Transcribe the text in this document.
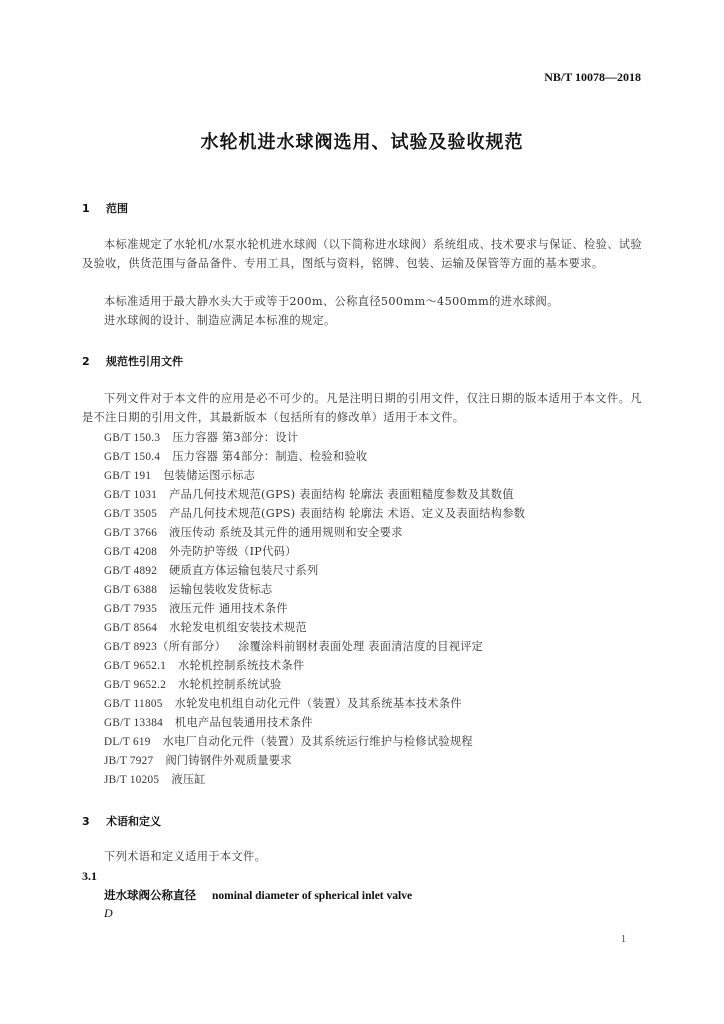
NB/T 10078—2018
水轮机进水球阀选用、试验及验收规范
1 范围

本标准规定了水轮机/水泵水轮机进水球阀（以下简称进水球阀）系统组成、技术要求与保证、检验、试验及验收，供货范围与备品备件、专用工具，图纸与资料，铭牌、包装、运输及保管等方面的基本要求。

本标准适用于最大静水头大于或等于200m、公称直径500mm～4500mm的进水球阀。

进水球阀的设计、制造应满足本标准的规定。

2 规范性引用文件

下列文件对于本文件的应用是必不可少的。凡是注明日期的引用文件，仅注日期的版本适用于本文件。凡是不注日期的引用文件，其最新版本（包括所有的修改单）适用于本文件。

GB/T 150.3 压力容器 第3部分：设计
GB/T 150.4 压力容器 第4部分：制造、检验和验收
GB/T 191 包装储运图示标志
GB/T 1031 产品几何技术规范(GPS) 表面结构 轮廓法 表面粗糙度参数及其数值
GB/T 3505 产品几何技术规范(GPS) 表面结构 轮廓法 术语、定义及表面结构参数
GB/T 3766 液压传动 系统及其元件的通用规则和安全要求
GB/T 4208 外壳防护等级（IP代码）
GB/T 4892 硬质直方体运输包装尺寸系列
GB/T 6388 运输包装收发货标志
GB/T 7935 液压元件 通用技术条件
GB/T 8564 水轮发电机组安装技术规范
GB/T 8923（所有部分） 涂覆涂料前钢材表面处理 表面清洁度的目视评定
GB/T 9652.1 水轮机控制系统技术条件
GB/T 9652.2 水轮机控制系统试验
GB/T 11805 水轮发电机组自动化元件（装置）及其系统基本技术条件
GB/T 13384 机电产品包装通用技术条件
DL/T 619 水电厂自动化元件（装置）及其系统运行维护与检修试验规程
JB/T 7927 阀门铸钢件外观质量要求
JB/T 10205 液压缸
3 术语和定义

下列术语和定义适用于本文件。

3.1
进水球阀公称直径 nominal diameter of spherical inlet valve
D
1
